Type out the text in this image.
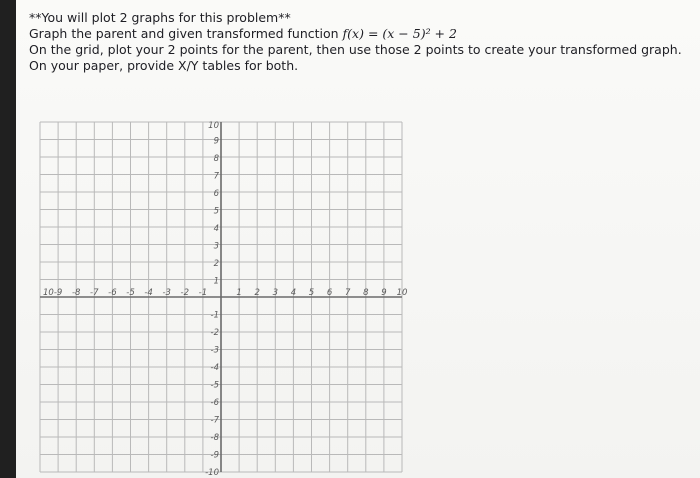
**You will plot 2 graphs for this problem**
Graph the parent and given transformed function f(x) = (x − 5)² + 2
On the grid, plot your 2 points for the parent, then use those 2 points to create your transformed graph.
On your paper, provide X/Y tables for both.
10 -9 -8 -7 -6 -5 -4 -3 -2 -1	1 2 3 4 5 6 7 8 9 10
10
9
8
7
6
5
4
3
2
1
-1
-2
-3
-4
-5
-6
-7
-8
-9
-10
